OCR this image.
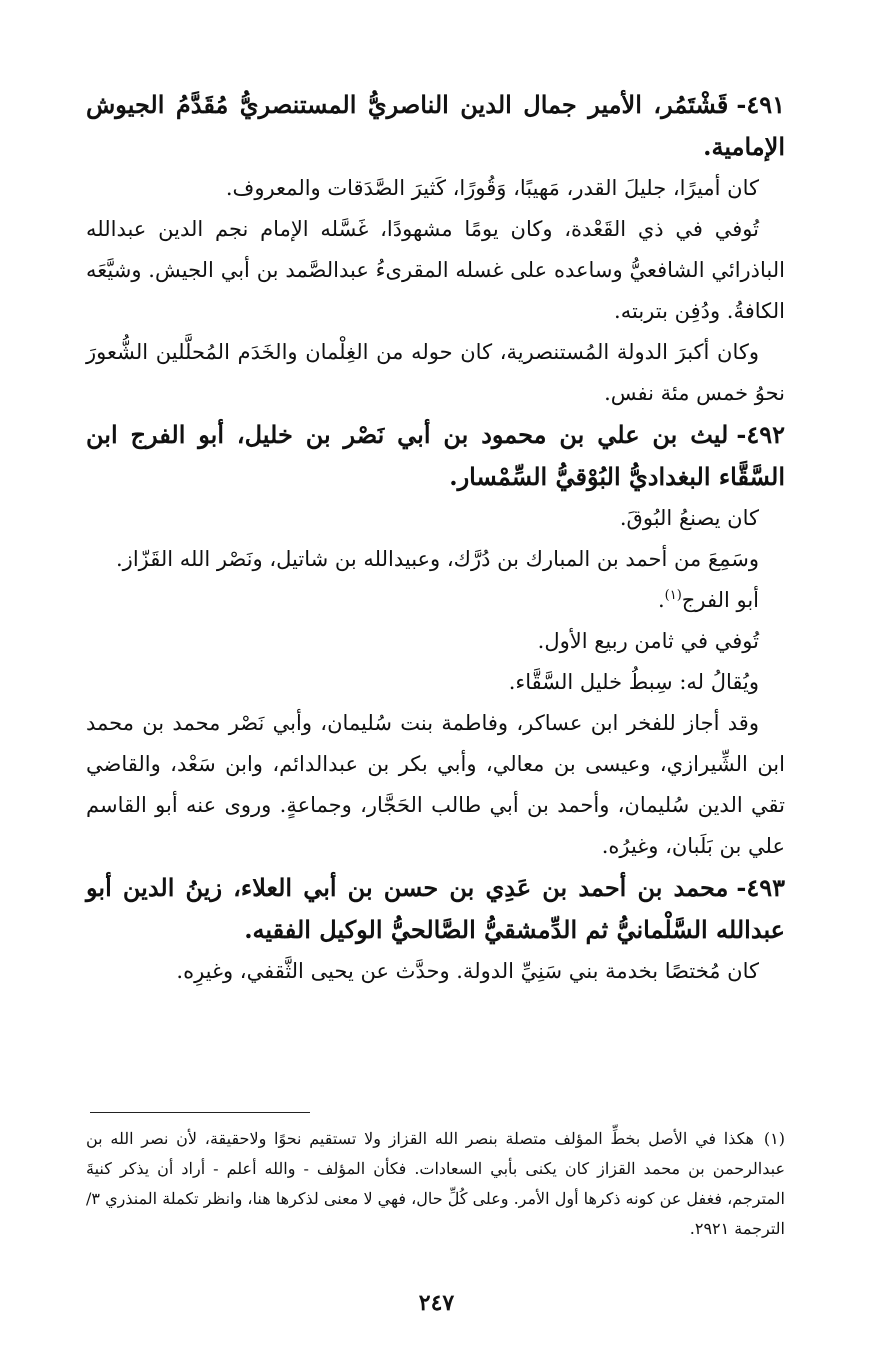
٤٩١-قَشْتَمُر، الأمير جمال الدين الناصريُّ المستنصريُّ مُقَدَّمُ الجيوش الإمامية.

كان أميرًا، جليلَ القدر، مَهيبًا، وَقُورًا، كَثيرَ الصَّدَقات والمعروف.

تُوفي في ذي القَعْدة، وكان يومًا مشهودًا، غَسَّله الإمام نجم الدين عبدالله الباذرائي الشافعيُّ وساعده على غسله المقرىءُ عبدالصَّمد بن أبي الجيش. وشيَّعَه الكافةُ. ودُفِن بتربته.

وكان أكبرَ الدولة المُستنصرية، كان حوله من الغِلْمان والخَدَم المُحلَّلين الشُّعورَ نحوُ خمس مئة نفس.

٤٩٢-ليث بن علي بن محمود بن أبي نَصْر بن خليل، أبو الفرج ابن السَّقَّاء البغداديُّ البُوْقيُّ السِّمْسار.

كان يصنعُ البُوقَ.

وسَمِعَ من أحمد بن المبارك بن دُرَّك، وعبيدالله بن شاتيل، ونَصْر الله القَزّاز.

أبو الفرج$^{(١)}$.

تُوفي في ثامن ربيع الأول.

ويُقالُ له: سِبطُ خليل السَّقَّاء.

وقد أجاز للفخر ابن عساكر، وفاطمة بنت سُليمان، وأبي نَصْر محمد بن محمد ابن الشِّيرازي، وعيسى بن معالي، وأبي بكر بن عبدالدائم، وابن سَعْد، والقاضي تقي الدين سُليمان، وأحمد بن أبي طالب الحَجَّار، وجماعةٍ. وروى عنه أبو القاسم علي بن بَلَبان، وغيرُه.

٤٩٣-محمد بن أحمد بن عَدِي بن حسن بن أبي العلاء، زينُ الدين أبو عبدالله السَّلْمانيُّ ثم الدِّمشقيُّ الصَّالحيُّ الوكيل الفقيه.

كان مُختصًا بخدمة بني سَنِيِّ الدولة. وحدَّث عن يحيى الثَّقفي، وغيرِه.

(١)هكذا في الأصل بخطِّ المؤلف متصلة بنصر الله القزاز ولا تستقيم نحوًا ولاحقيقة، لأن نصر الله بن عبدالرحمن بن محمد القزاز كان يكنى بأبي السعادات. فكأن المؤلف - والله أعلم - أراد أن يذكر كنيةَ المترجم، فغفل عن كونه ذكرها أول الأمر. وعلى كُلِّ حال، فهي لا معنى لذكرها هنا، وانظر تكملة المنذري ٣/ الترجمة ٢٩٢١.

٢٤٧
